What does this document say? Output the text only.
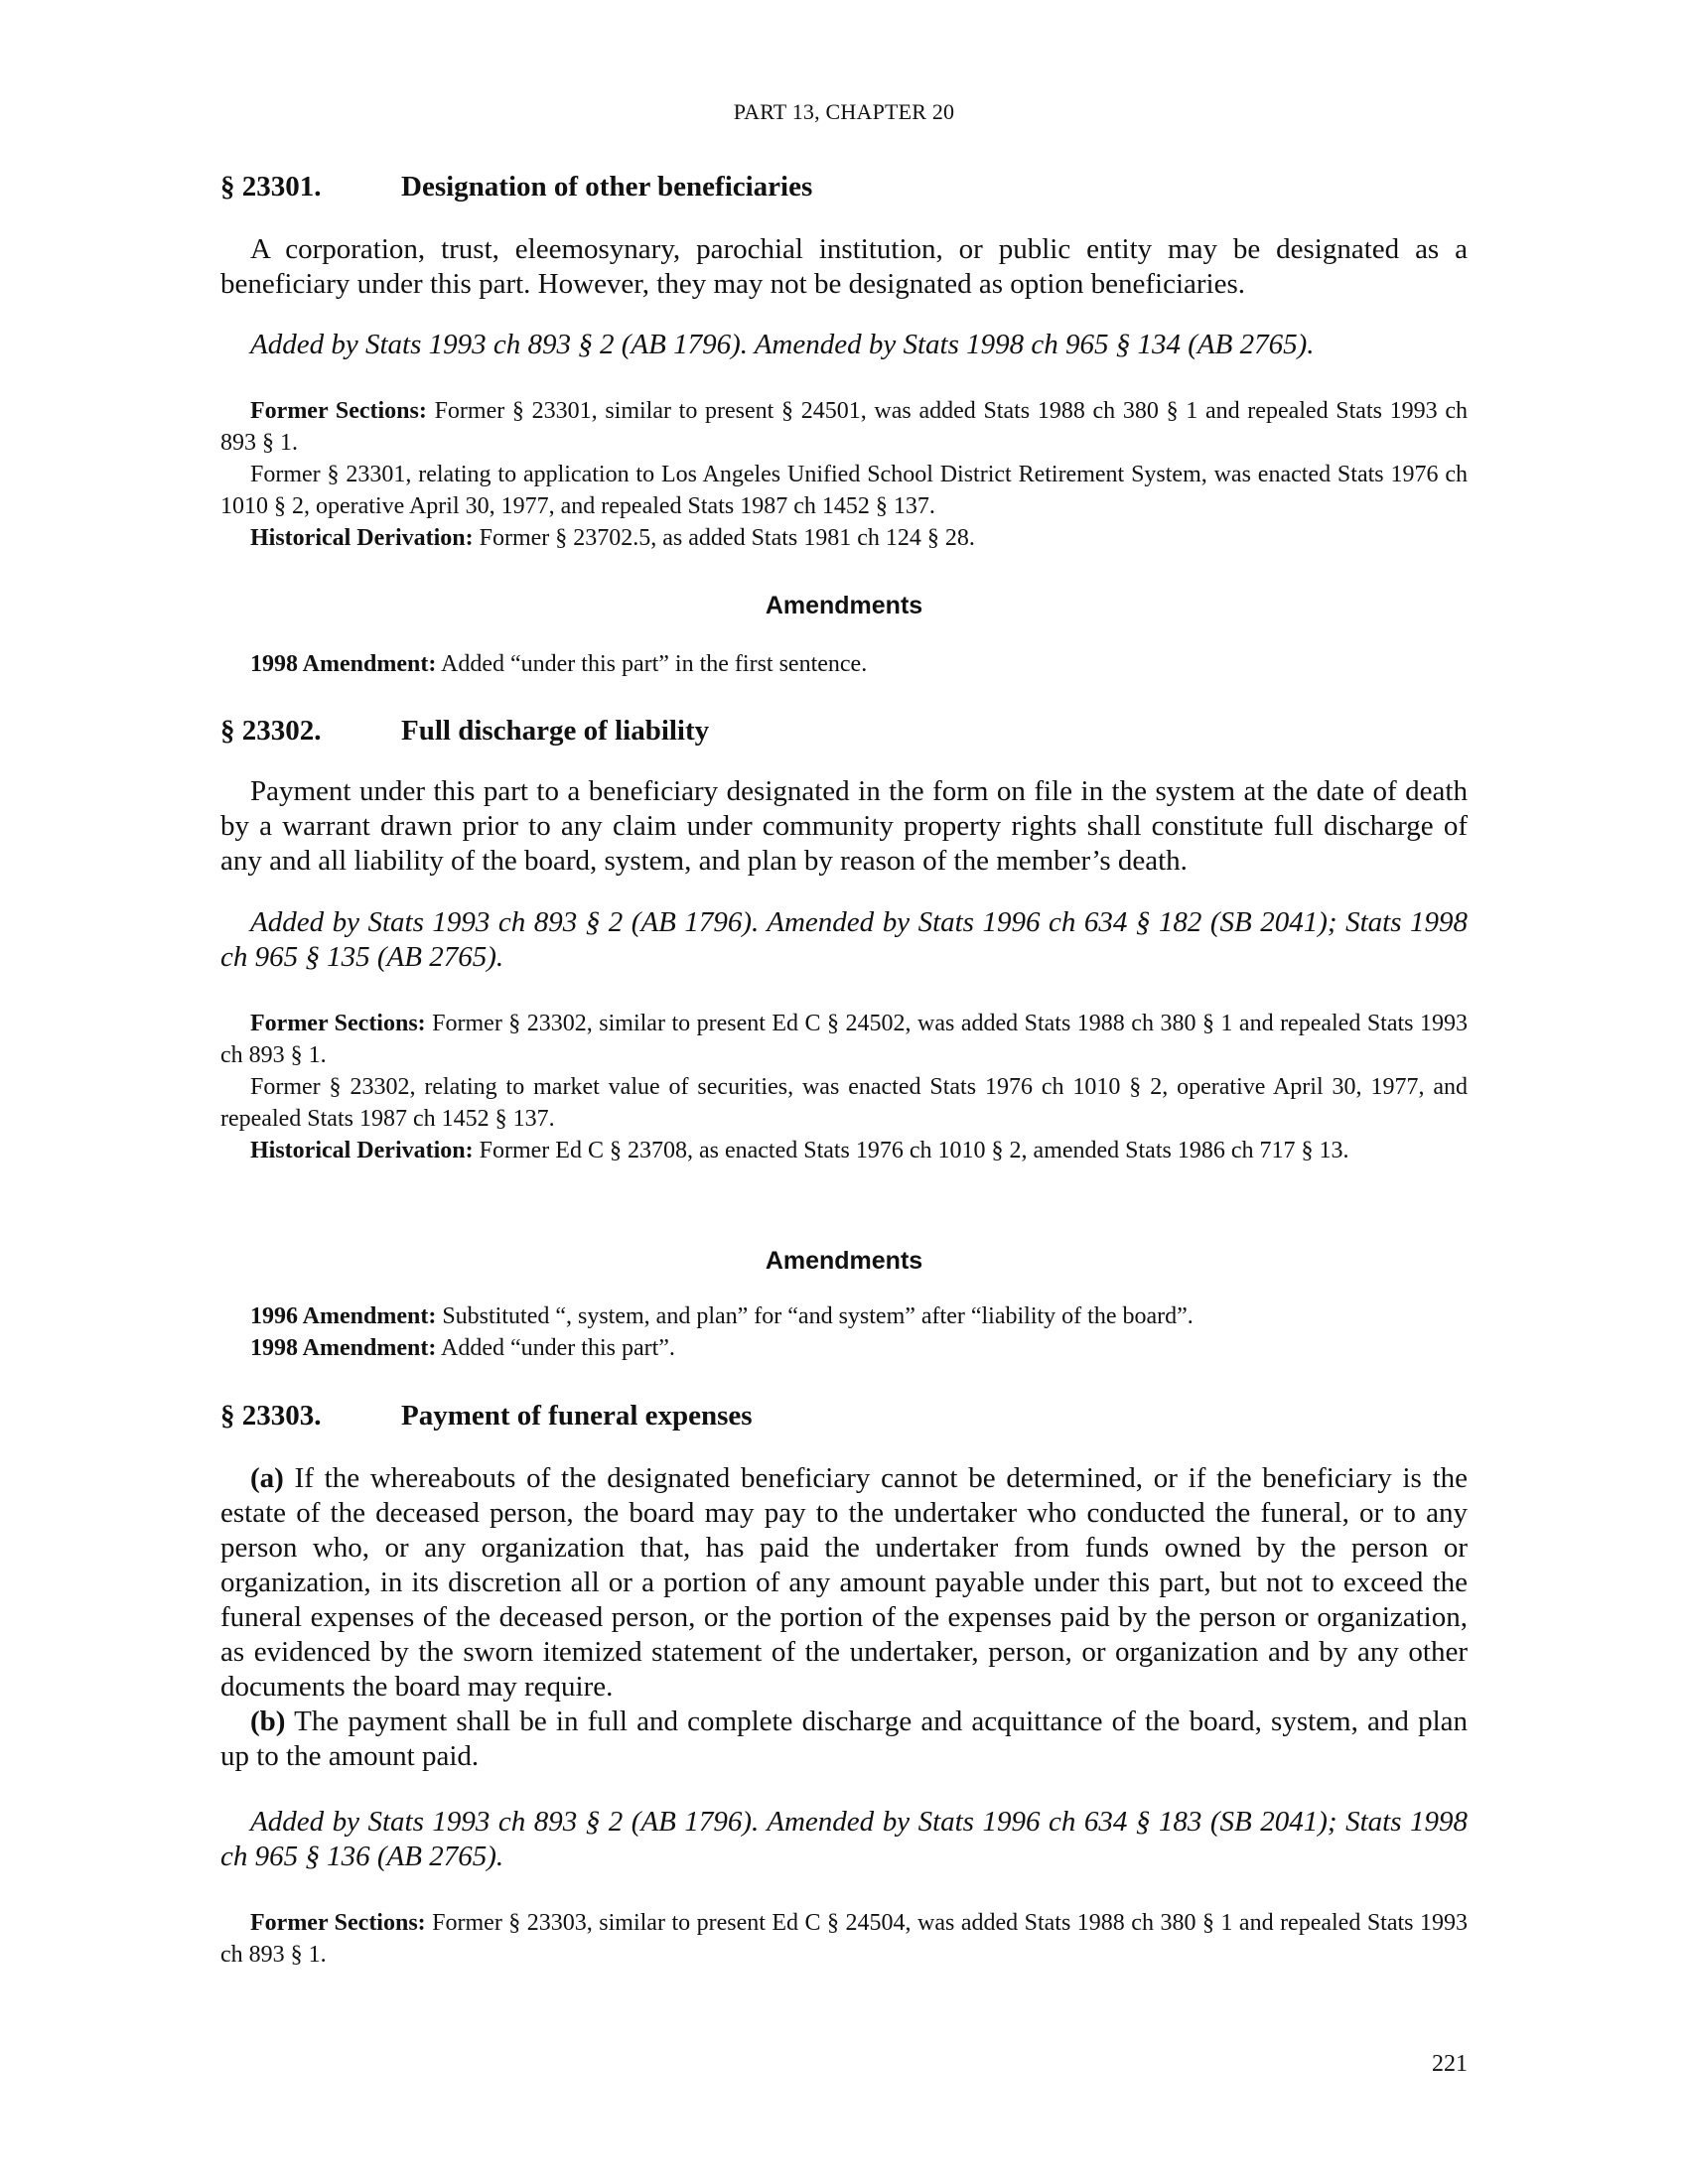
PART 13, CHAPTER 20
§ 23301.	Designation of other beneficiaries

A corporation, trust, eleemosynary, parochial institution, or public entity may be designated as a beneficiary under this part. However, they may not be designated as option beneficiaries.

Added by Stats 1993 ch 893 § 2 (AB 1796). Amended by Stats 1998 ch 965 § 134 (AB 2765).

Former Sections: Former § 23301, similar to present § 24501, was added Stats 1988 ch 380 § 1 and repealed Stats 1993 ch 893 § 1.

Former § 23301, relating to application to Los Angeles Unified School District Retirement System, was enacted Stats 1976 ch 1010 § 2, operative April 30, 1977, and repealed Stats 1987 ch 1452 § 137.

Historical Derivation: Former § 23702.5, as added Stats 1981 ch 124 § 28.

Amendments

1998 Amendment: Added “under this part” in the first sentence.

§ 23302.	Full discharge of liability

Payment under this part to a beneficiary designated in the form on file in the system at the date of death by a warrant drawn prior to any claim under community property rights shall constitute full discharge of any and all liability of the board, system, and plan by reason of the member’s death.

Added by Stats 1993 ch 893 § 2 (AB 1796). Amended by Stats 1996 ch 634 § 182 (SB 2041); Stats 1998 ch 965 § 135 (AB 2765).

Former Sections: Former § 23302, similar to present Ed C § 24502, was added Stats 1988 ch 380 § 1 and repealed Stats 1993 ch 893 § 1.

Former § 23302, relating to market value of securities, was enacted Stats 1976 ch 1010 § 2, operative April 30, 1977, and repealed Stats 1987 ch 1452 § 137.

Historical Derivation: Former Ed C § 23708, as enacted Stats 1976 ch 1010 § 2, amended Stats 1986 ch 717 § 13.

Amendments

1996 Amendment: Substituted “, system, and plan” for “and system” after “liability of the board”.

1998 Amendment: Added “under this part”.

§ 23303.	Payment of funeral expenses

(a) If the whereabouts of the designated beneficiary cannot be determined, or if the beneficiary is the estate of the deceased person, the board may pay to the undertaker who conducted the funeral, or to any person who, or any organization that, has paid the undertaker from funds owned by the person or organization, in its discretion all or a portion of any amount payable under this part, but not to exceed the funeral expenses of the deceased person, or the portion of the expenses paid by the person or organization, as evidenced by the sworn itemized statement of the undertaker, person, or organization and by any other documents the board may require.

(b) The payment shall be in full and complete discharge and acquittance of the board, system, and plan up to the amount paid.

Added by Stats 1993 ch 893 § 2 (AB 1796). Amended by Stats 1996 ch 634 § 183 (SB 2041); Stats 1998 ch 965 § 136 (AB 2765).

Former Sections: Former § 23303, similar to present Ed C § 24504, was added Stats 1988 ch 380 § 1 and repealed Stats 1993 ch 893 § 1.

221
